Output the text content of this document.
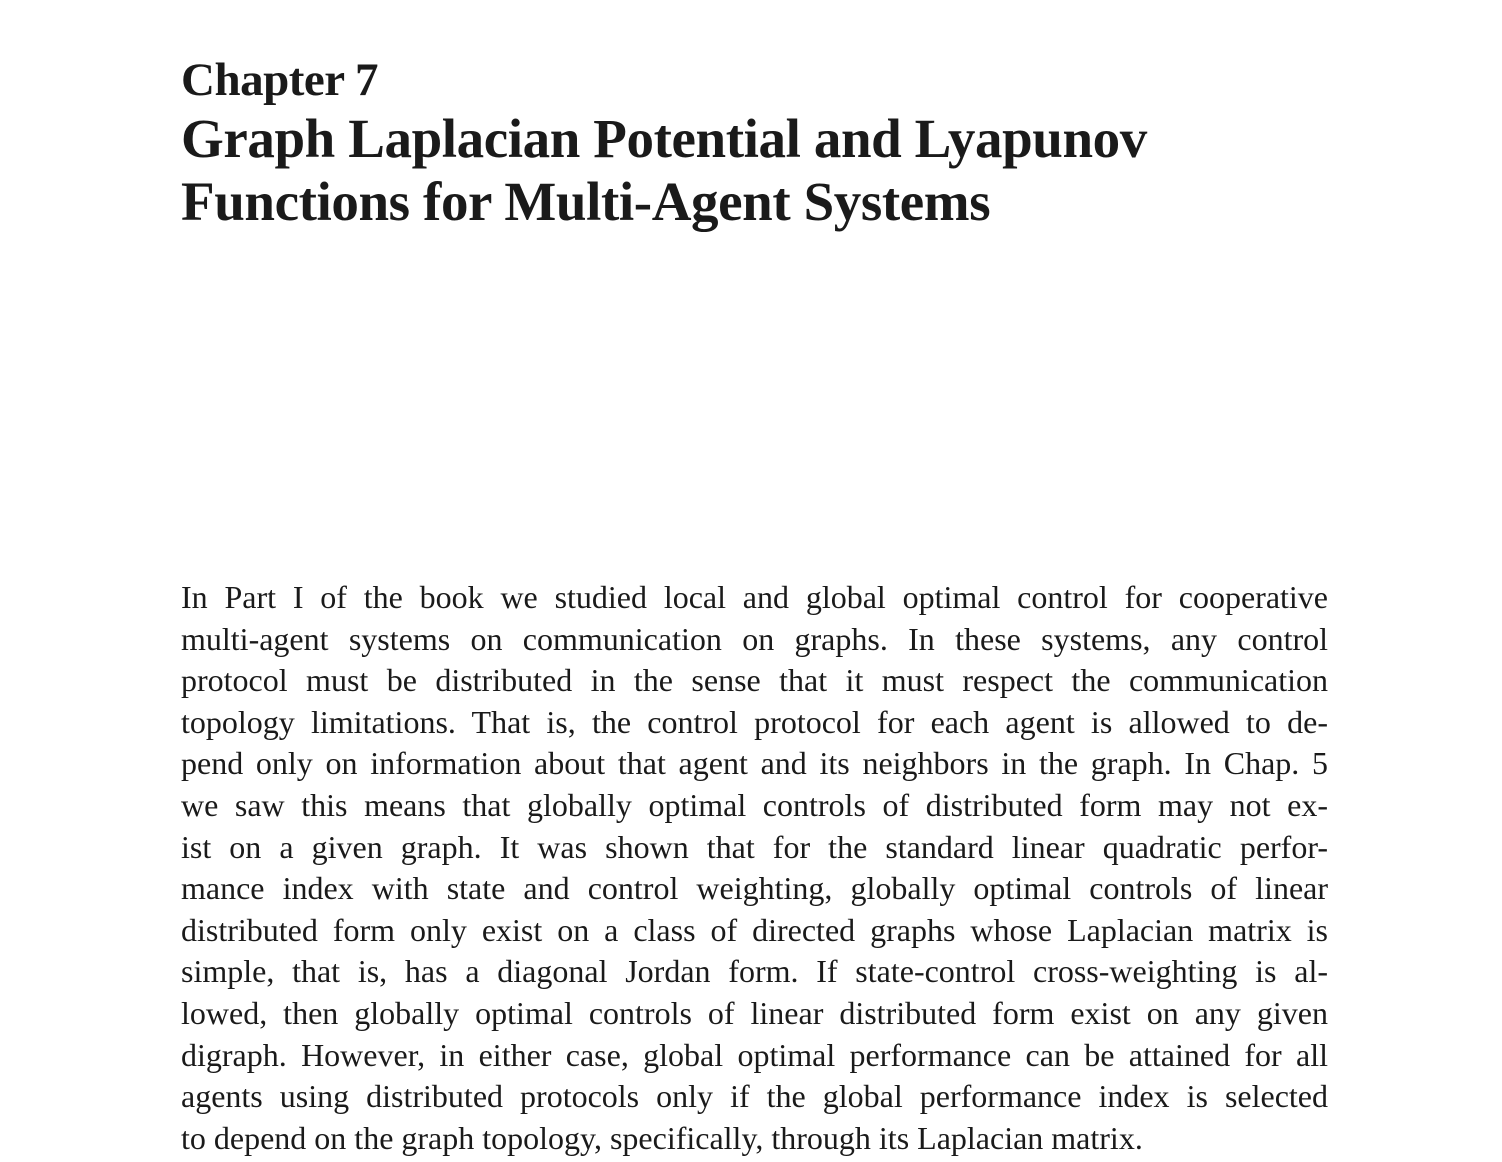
Chapter 7
Graph Laplacian Potential and Lyapunov
Functions for Multi-Agent Systems
In Part I of the book we studied local and global optimal control for cooperative
multi-agent systems on communication on graphs. In these systems, any control
protocol must be distributed in the sense that it must respect the communication
topology limitations. That is, the control protocol for each agent is allowed to de-
pend only on information about that agent and its neighbors in the graph. In Chap. 5
we saw this means that globally optimal controls of distributed form may not ex-
ist on a given graph. It was shown that for the standard linear quadratic perfor-
mance index with state and control weighting, globally optimal controls of linear
distributed form only exist on a class of directed graphs whose Laplacian matrix is
simple, that is, has a diagonal Jordan form. If state-control cross-weighting is al-
lowed, then globally optimal controls of linear distributed form exist on any given
digraph. However, in either case, global optimal performance can be attained for all
agents using distributed protocols only if the global performance index is selected
to depend on the graph topology, specifically, through its Laplacian matrix.
